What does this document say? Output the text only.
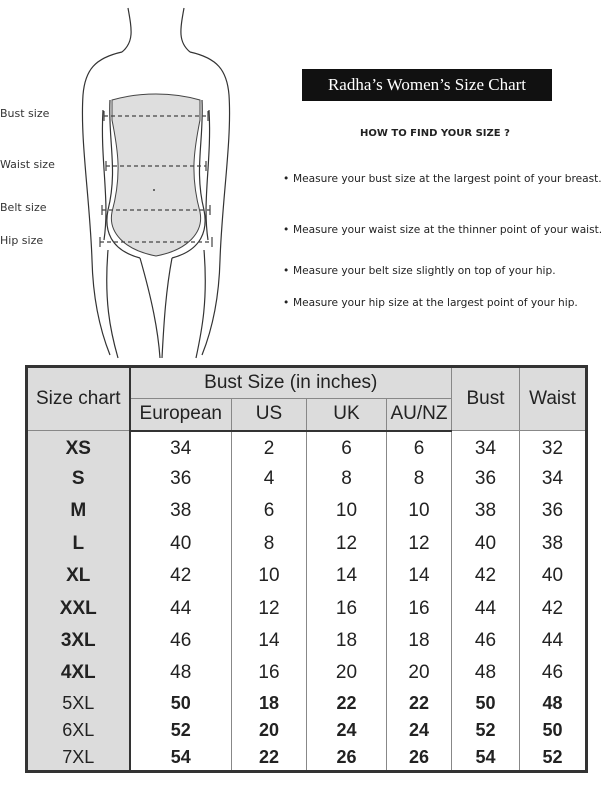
Bust size
Waist size
Belt size
Hip size
Radha’s Women’s Size Chart
HOW TO FIND YOUR SIZE ?
• Measure your bust size at the largest point of your breast.
• Measure your waist size at the thinner point of your waist.
• Measure your belt size slightly on top of your hip.
• Measure your hip size at the largest point of your hip.
Size chart	Bust Size (in inches)				Bust	Waist
	European	US	UK	AU/NZ		
XS	34	2	6	6	34	32
S	36	4	8	8	36	34
M	38	6	10	10	38	36
L	40	8	12	12	40	38
XL	42	10	14	14	42	40
XXL	44	12	16	16	44	42
3XL	46	14	18	18	46	44
4XL	48	16	20	20	48	46
5XL	50	18	22	22	50	48
6XL	52	20	24	24	52	50
7XL	54	22	26	26	54	52
